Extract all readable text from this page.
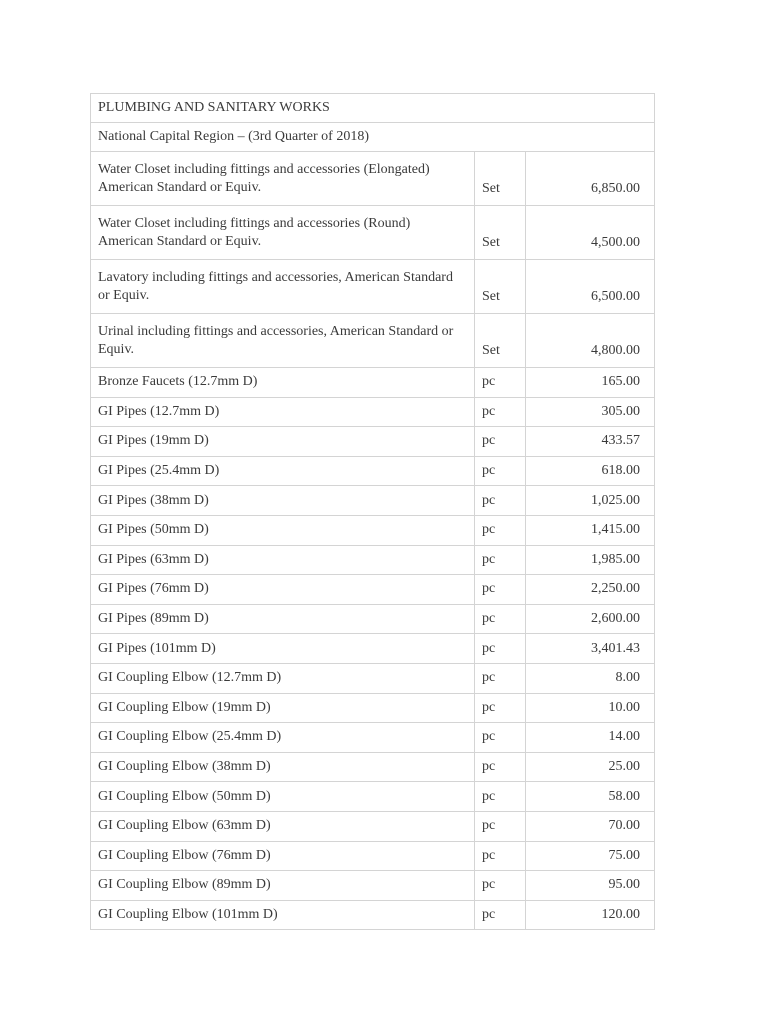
PLUMBING AND SANITARY WORKS		
National Capital Region – (3rd Quarter of 2018)		
Water Closet including fittings and accessories (Elongated) American Standard or Equiv.	Set	6,850.00
Water Closet including fittings and accessories (Round) American Standard or Equiv.	Set	4,500.00
Lavatory including fittings and accessories, American Standard or Equiv.	Set	6,500.00
Urinal including fittings and accessories, American Standard or Equiv.	Set	4,800.00
Bronze Faucets (12.7mm D)	pc	165.00
GI Pipes (12.7mm D)	pc	305.00
GI Pipes (19mm D)	pc	433.57
GI Pipes (25.4mm D)	pc	618.00
GI Pipes (38mm D)	pc	1,025.00
GI Pipes (50mm D)	pc	1,415.00
GI Pipes (63mm D)	pc	1,985.00
GI Pipes (76mm D)	pc	2,250.00
GI Pipes (89mm D)	pc	2,600.00
GI Pipes (101mm D)	pc	3,401.43
GI Coupling Elbow (12.7mm D)	pc	8.00
GI Coupling Elbow (19mm D)	pc	10.00
GI Coupling Elbow (25.4mm D)	pc	14.00
GI Coupling Elbow (38mm D)	pc	25.00
GI Coupling Elbow (50mm D)	pc	58.00
GI Coupling Elbow (63mm D)	pc	70.00
GI Coupling Elbow (76mm D)	pc	75.00
GI Coupling Elbow (89mm D)	pc	95.00
GI Coupling Elbow (101mm D)	pc	120.00
